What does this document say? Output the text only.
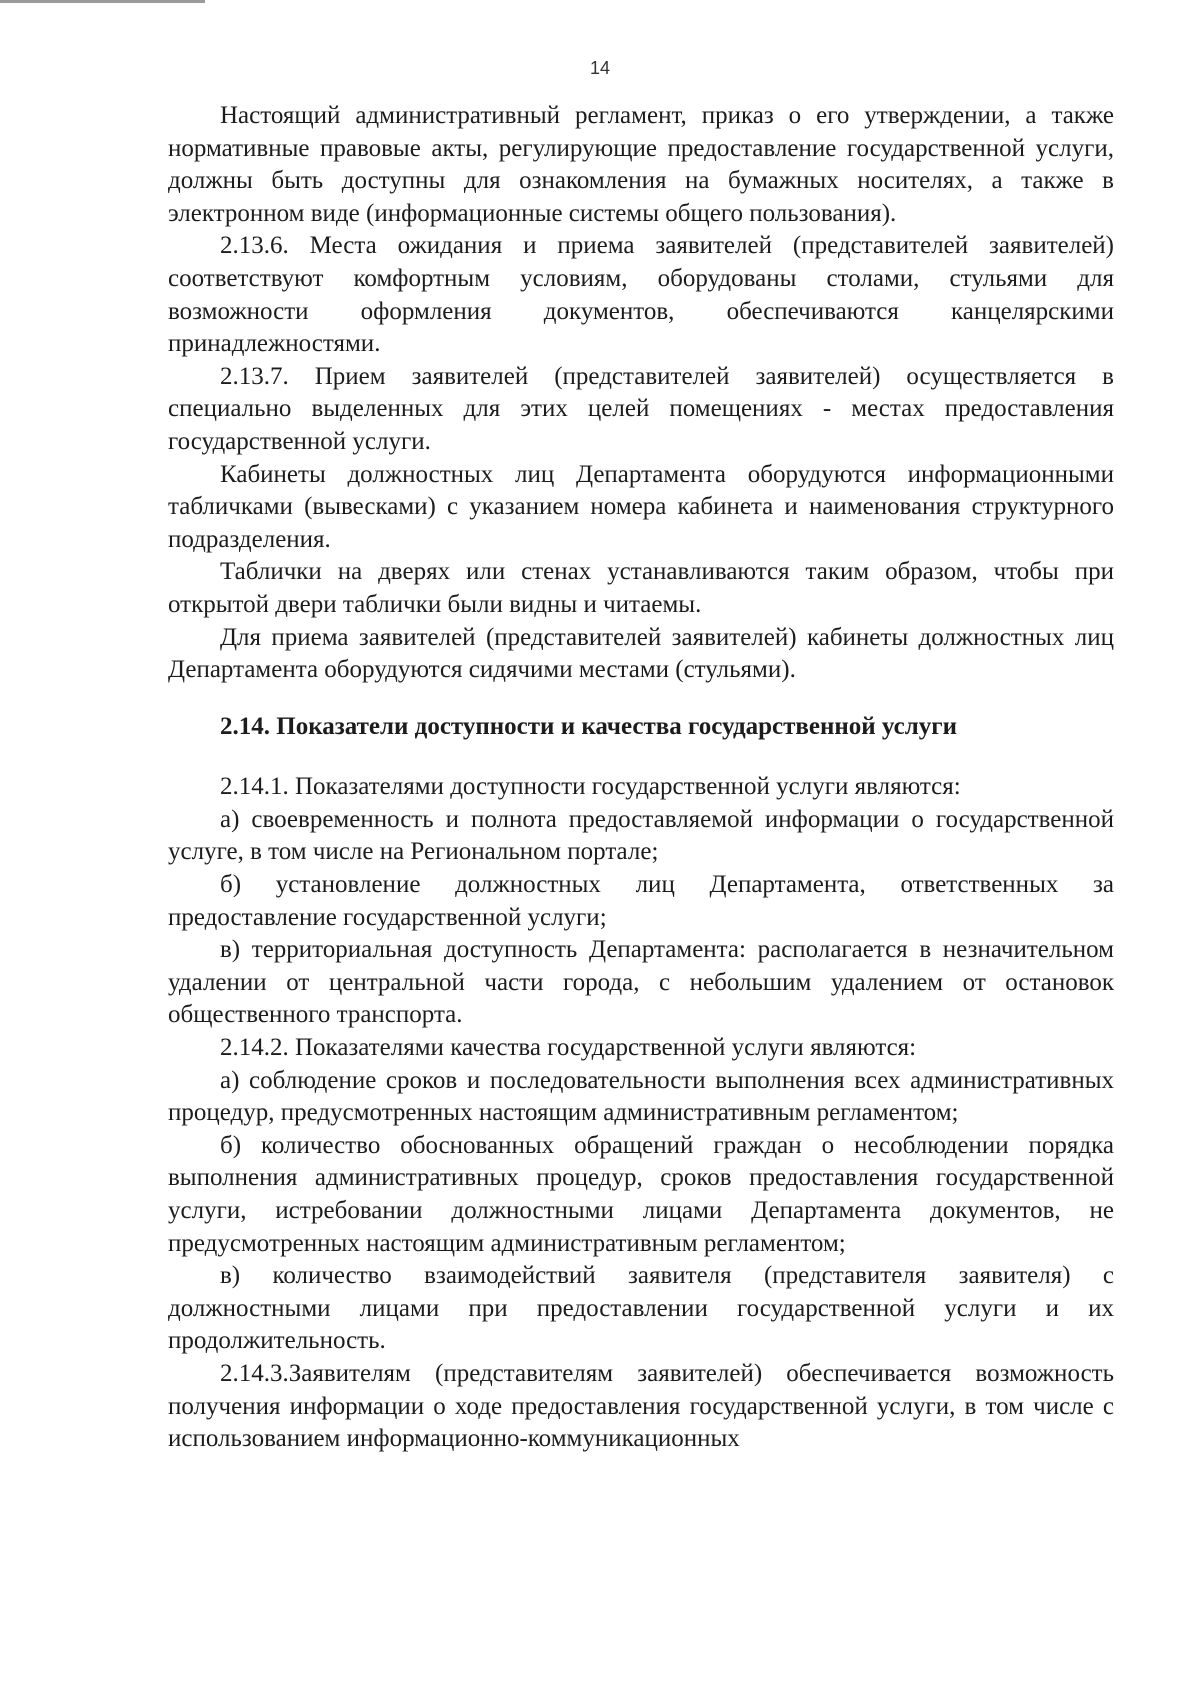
14

Настоящий административный регламент, приказ о его утверждении, а также нормативные правовые акты, регулирующие предоставление государственной услуги, должны быть доступны для ознакомления на бумажных носителях, а также в электронном виде (информационные системы общего пользования).

2.13.6. Места ожидания и приема заявителей (представителей заявителей) соответствуют комфортным условиям, оборудованы столами, стульями для возможности оформления документов, обеспечиваются канцелярскими принадлежностями.

2.13.7. Прием заявителей (представителей заявителей) осуществляется в специально выделенных для этих целей помещениях - местах предоставления государственной услуги.

Кабинеты должностных лиц Департамента оборудуются информационными табличками (вывесками) с указанием номера кабинета и наименования структурного подразделения.

Таблички на дверях или стенах устанавливаются таким образом, чтобы при открытой двери таблички были видны и читаемы.

Для приема заявителей (представителей заявителей) кабинеты должностных лиц Департамента оборудуются сидячими местами (стульями).

2.14. Показатели доступности и качества государственной услуги

2.14.1. Показателями доступности государственной услуги являются:

а) своевременность и полнота предоставляемой информации о государственной услуге, в том числе на Региональном портале;

б) установление должностных лиц Департамента, ответственных за предоставление государственной услуги;

в) территориальная доступность Департамента: располагается в незначительном удалении от центральной части города, с небольшим удалением от остановок общественного транспорта.

2.14.2. Показателями качества государственной услуги являются:

а) соблюдение сроков и последовательности выполнения всех административных процедур, предусмотренных настоящим административным регламентом;

б) количество обоснованных обращений граждан о несоблюдении порядка выполнения административных процедур, сроков предоставления государственной услуги, истребовании должностными лицами Департамента документов, не предусмотренных настоящим административным регламентом;

в) количество взаимодействий заявителя (представителя заявителя) с должностными лицами при предоставлении государственной услуги и их продолжительность.

2.14.3.Заявителям (представителям заявителей) обеспечивается возможность получения информации о ходе предоставления государственной услуги, в том числе с использованием информационно-коммуникационных
